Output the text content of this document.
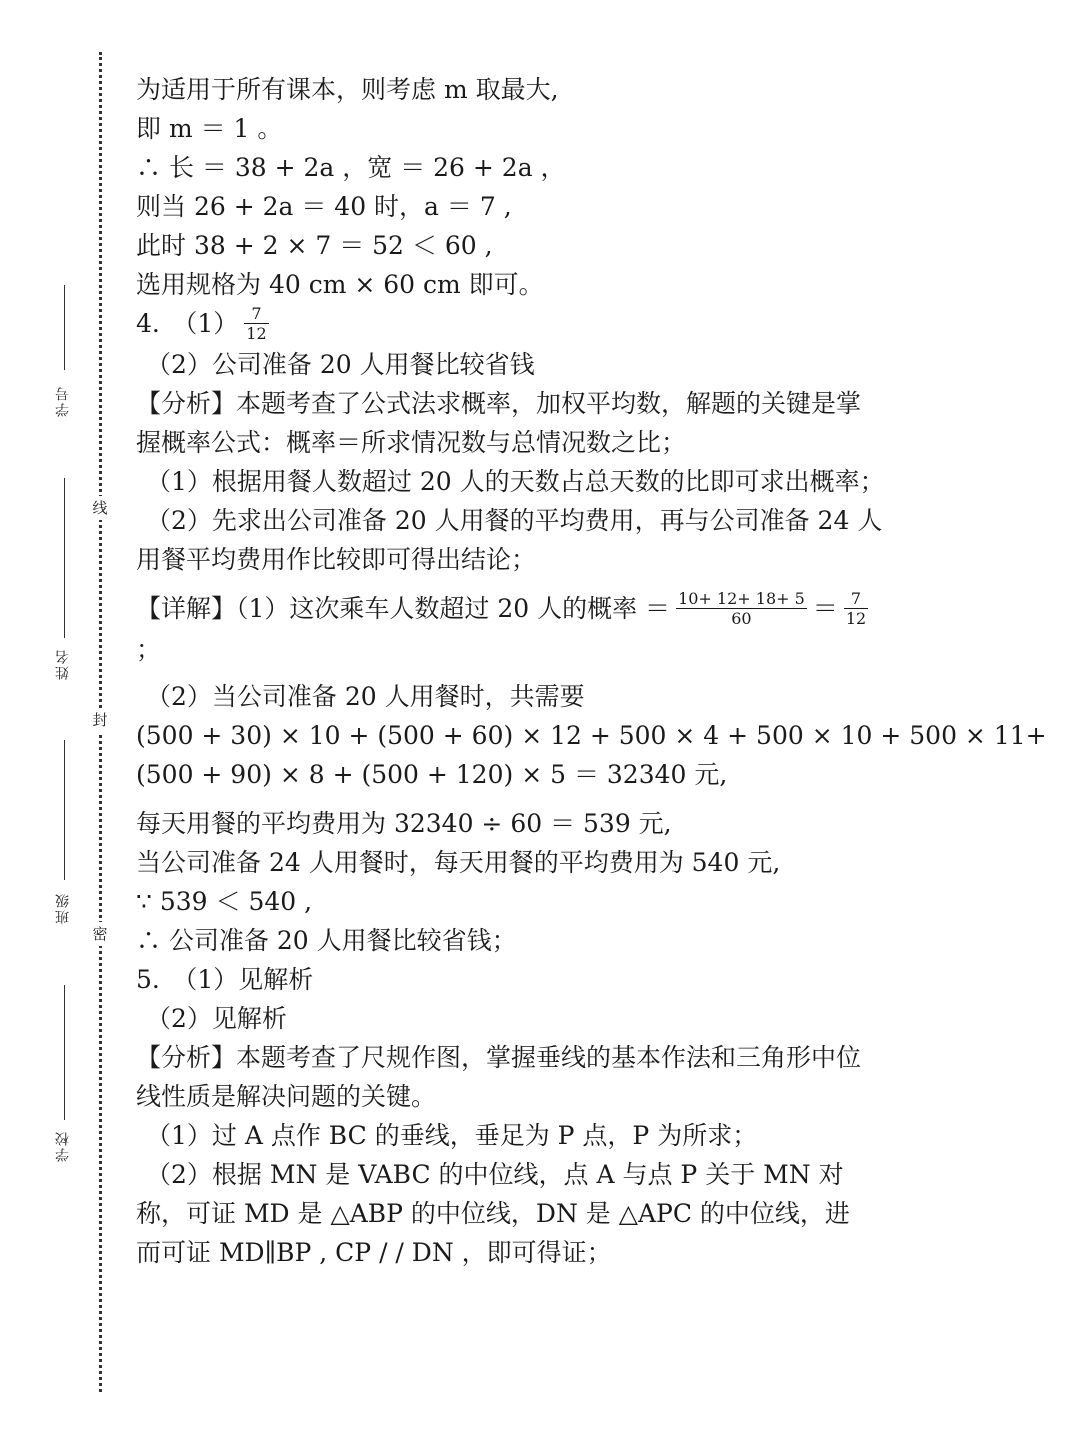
线
封
密
学号
姓名
班级
学校
为适用于所有课本，则考虑 m 取最大,
即 m ＝ 1 。
∴ 长 ＝ 38 + 2a ，宽 ＝ 26 + 2a ，
则当 26 + 2a ＝ 40 时，a ＝ 7 ,
此时 38 + 2 × 7 ＝ 52 ＜ 60 ,
选用规格为 40 cm × 60 cm 即可。
4.　$(1) \frac{7}{12}$
（2）公司准备 20 人用餐比较省钱
【分析】本题考查了公式法求概率，加权平均数，解题的关键是掌
握概率公式：概率＝所求情况数与总情况数之比；
（1）根据用餐人数超过 20 人的天数占总天数的比即可求出概率；
（2）先求出公司准备 20 人用餐的平均费用，再与公司准备 24 人
用餐平均费用作比较即可得出结论；
【详解】（1）这次乘车人数超过 20 人的概率 ＝ $\frac{10+ 12+ 18+ 5}{60} = \frac{7}{12}$
；
（2）当公司准备 20 人用餐时，共需要
(500 + 30) × 10 + (500 + 60) × 12 + 500 × 4 + 500 × 10 + 500 × 11+
(500 + 90) × 8 + (500 + 120) × 5 ＝ 32340 元,
每天用餐的平均费用为 32340 ÷ 60 ＝ 539 元,
当公司准备 24 人用餐时，每天用餐的平均费用为 540 元,
∵ 539 ＜ 540 ,
∴ 公司准备 20 人用餐比较省钱；
5.　（1）见解析
（2）见解析
【分析】本题考查了尺规作图，掌握垂线的基本作法和三角形中位
线性质是解决问题的关键。
（1）过 A 点作 BC 的垂线，垂足为 P 点，P 为所求；
（2）根据 MN 是 VABC 的中位线，点 A 与点 P 关于 MN 对
称，可证 MD 是 △ABP 的中位线，DN 是 △APC 的中位线，进
而可证 MD∥BP , CP / / DN ，即可得证；
